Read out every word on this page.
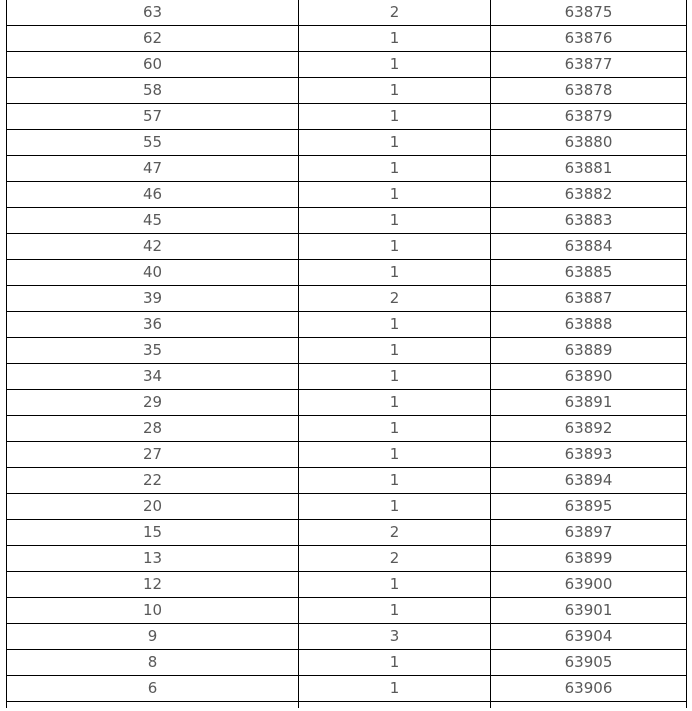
63	2	63875
62	1	63876
60	1	63877
58	1	63878
57	1	63879
55	1	63880
47	1	63881
46	1	63882
45	1	63883
42	1	63884
40	1	63885
39	2	63887
36	1	63888
35	1	63889
34	1	63890
29	1	63891
28	1	63892
27	1	63893
22	1	63894
20	1	63895
15	2	63897
13	2	63899
12	1	63900
10	1	63901
9	3	63904
8	1	63905
6	1	63906
